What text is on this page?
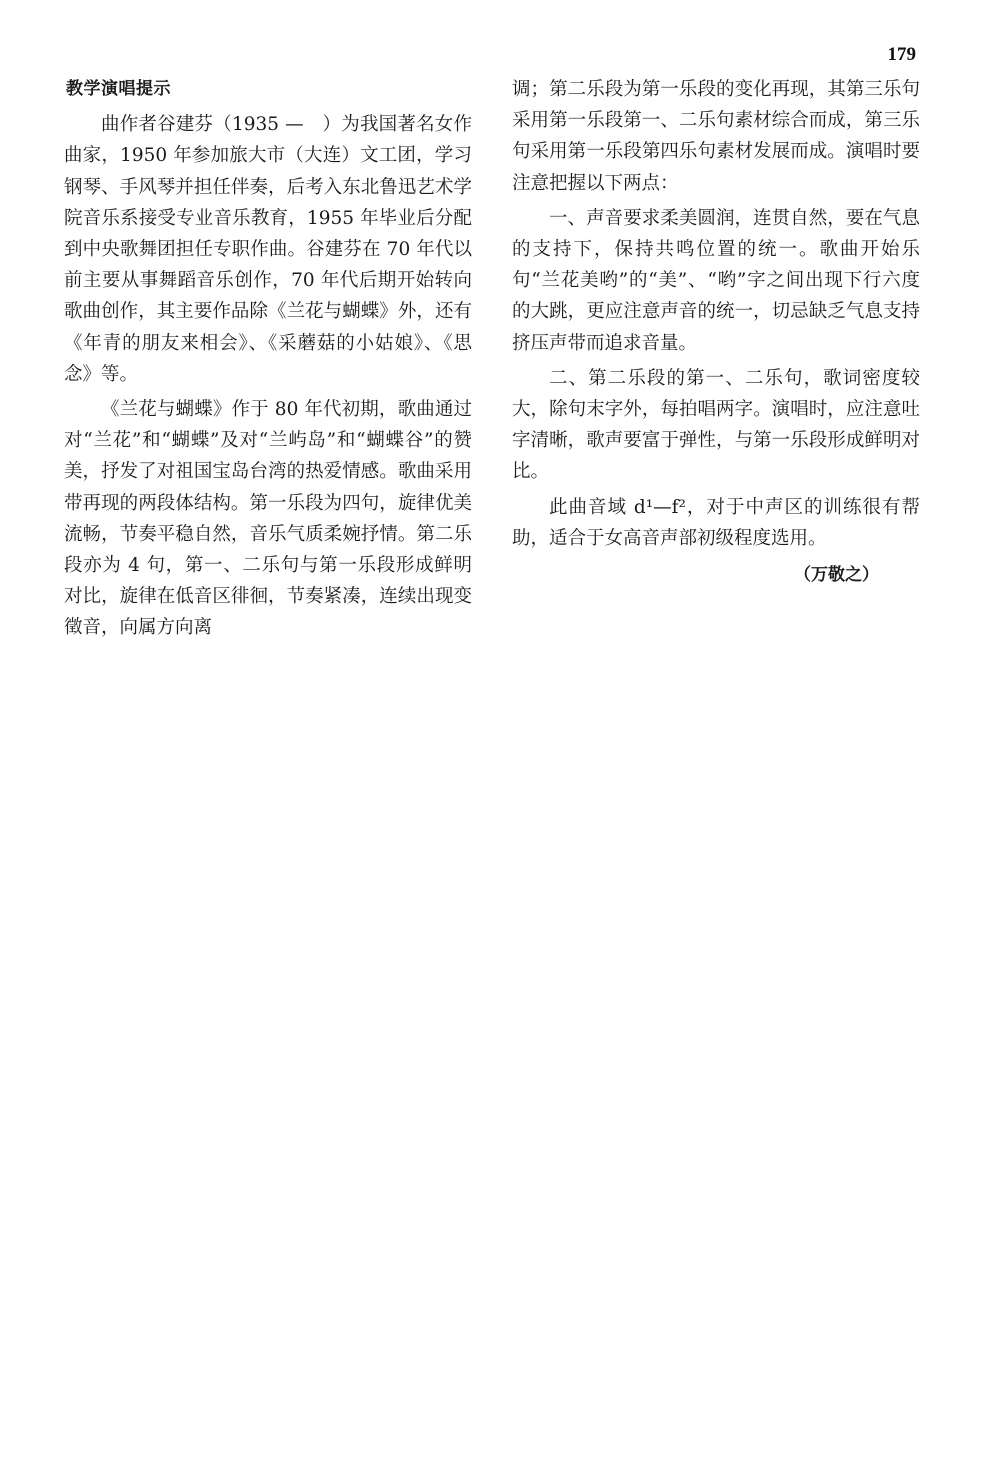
179
教学演唱提示

曲作者谷建芬（1935 —　）为我国著名女作曲家，1950 年参加旅大市（大连）文工团，学习钢琴、手风琴并担任伴奏，后考入东北鲁迅艺术学院音乐系接受专业音乐教育，1955 年毕业后分配到中央歌舞团担任专职作曲。谷建芬在 70 年代以前主要从事舞蹈音乐创作，70 年代后期开始转向歌曲创作，其主要作品除《兰花与蝴蝶》外，还有《年青的朋友来相会》、《采蘑菇的小姑娘》、《思念》等。

《兰花与蝴蝶》作于 80 年代初期，歌曲通过对“兰花”和“蝴蝶”及对“兰屿岛”和“蝴蝶谷”的赞美，抒发了对祖国宝岛台湾的热爱情感。歌曲采用带再现的两段体结构。第一乐段为四句，旋律优美流畅，节奏平稳自然，音乐气质柔婉抒情。第二乐段亦为 4 句，第一、二乐句与第一乐段形成鲜明对比，旋律在低音区徘徊，节奏紧凑，连续出现变徵音，向属方向离

调；第二乐段为第一乐段的变化再现，其第三乐句采用第一乐段第一、二乐句素材综合而成，第三乐句采用第一乐段第四乐句素材发展而成。演唱时要注意把握以下两点：

一、声音要求柔美圆润，连贯自然，要在气息的支持下，保持共鸣位置的统一。歌曲开始乐句“兰花美哟”的“美”、“哟”字之间出现下行六度的大跳，更应注意声音的统一，切忌缺乏气息支持挤压声带而追求音量。

二、第二乐段的第一、二乐句，歌词密度较大，除句末字外，每拍唱两字。演唱时，应注意吐字清晰，歌声要富于弹性，与第一乐段形成鲜明对比。

此曲音域 d¹—f²，对于中声区的训练很有帮助，适合于女高音声部初级程度选用。

（万敬之）
